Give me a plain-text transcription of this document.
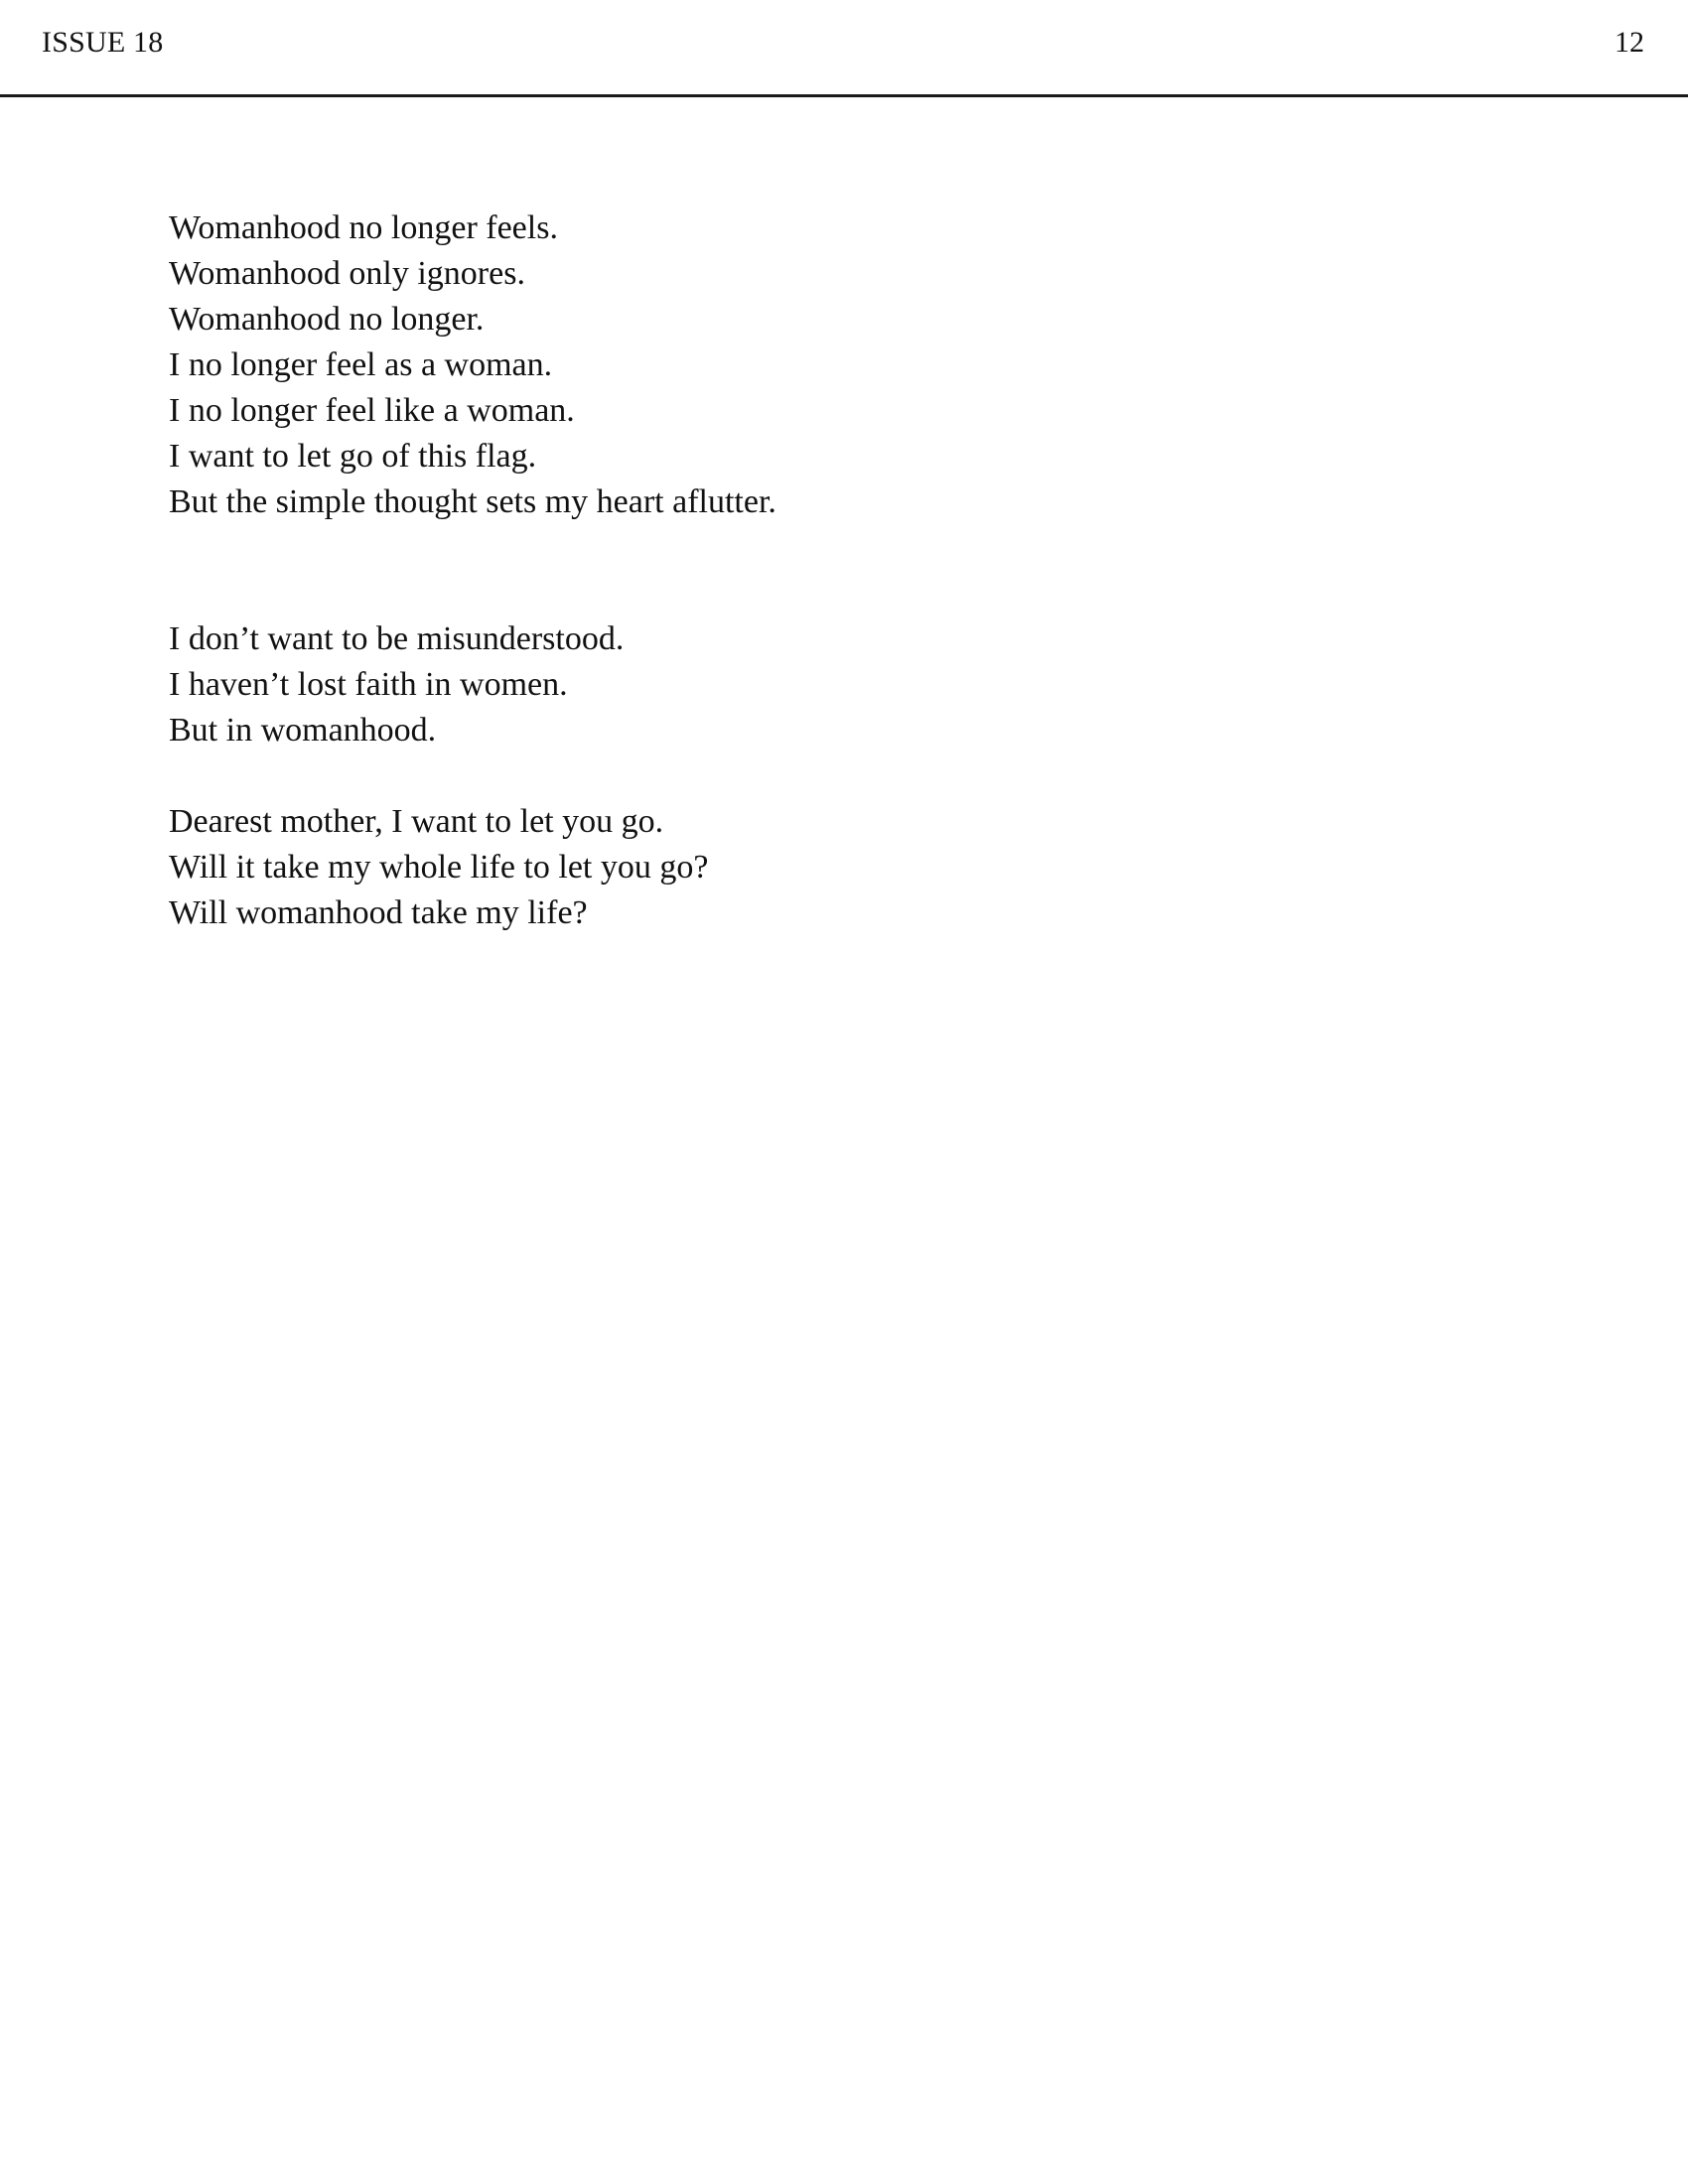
ISSUE 18	12
Womanhood no longer feels.
Womanhood only ignores.
Womanhood no longer.
I no longer feel as a woman.
I no longer feel like a woman.
I want to let go of this flag.
But the simple thought sets my heart aflutter.
I don’t want to be misunderstood.
I haven’t lost faith in women.
But in womanhood.
Dearest mother, I want to let you go.
Will it take my whole life to let you go?
Will womanhood take my life?
